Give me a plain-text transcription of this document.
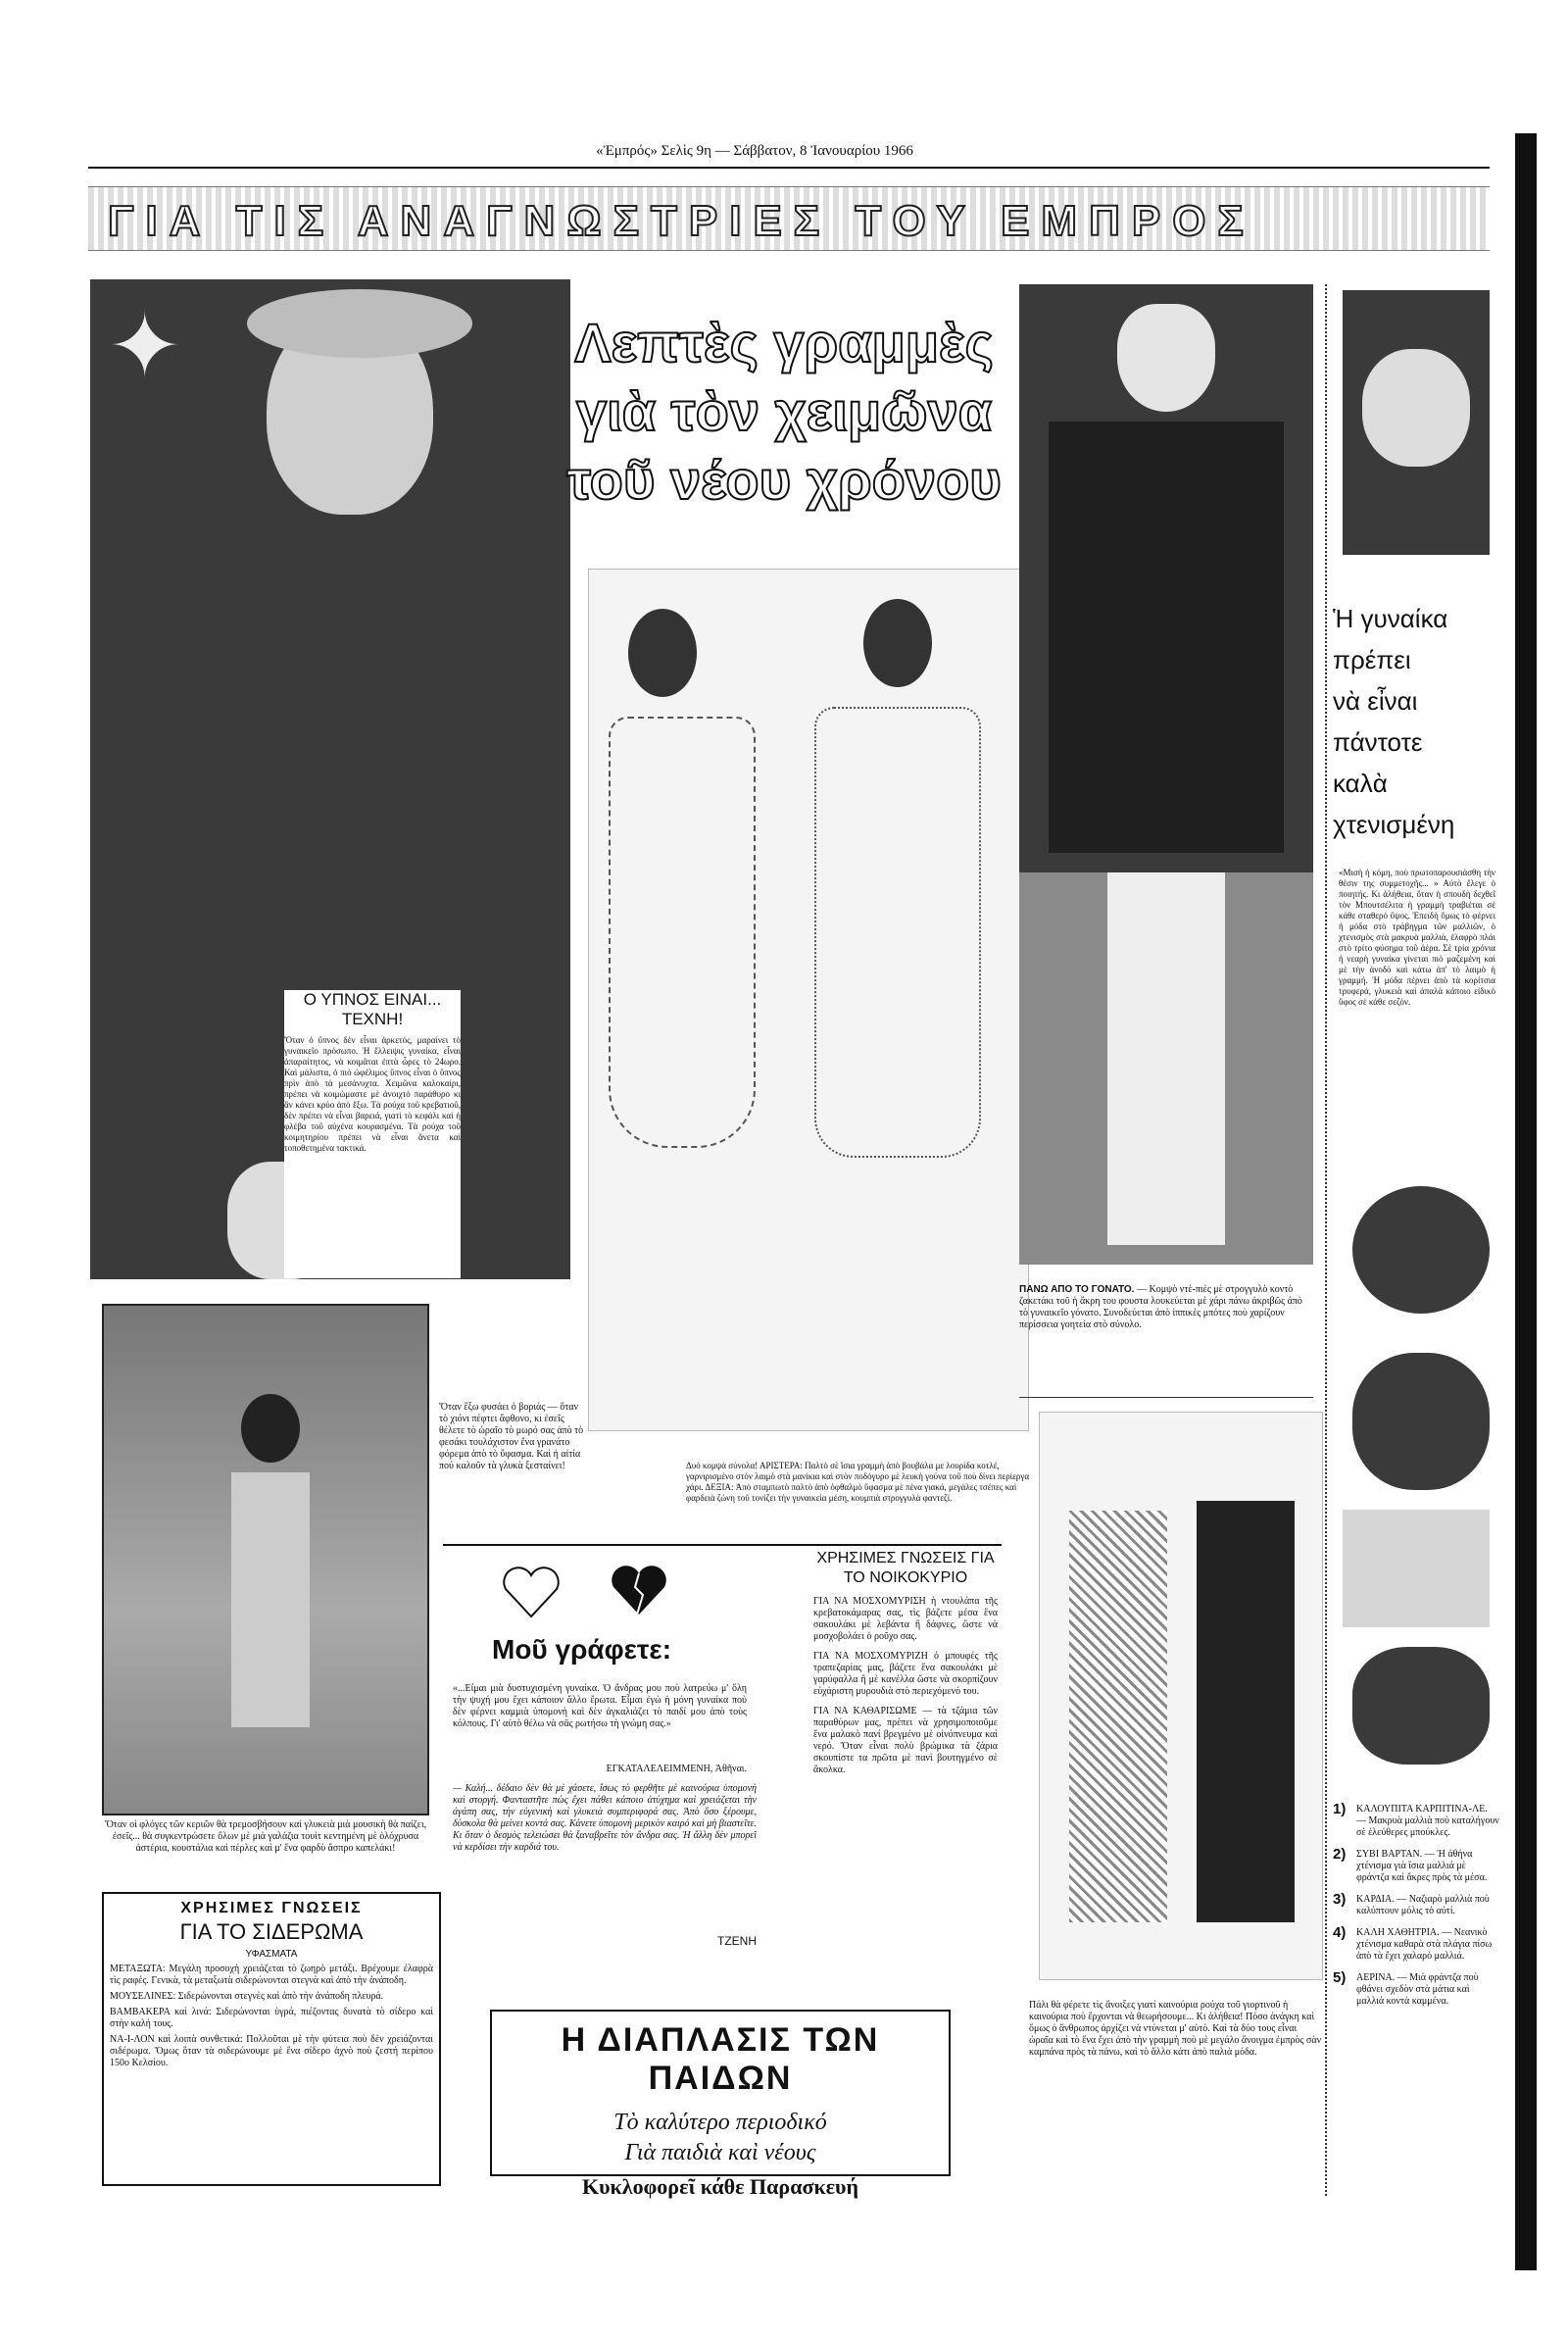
«Ἐμπρός» Σελὶς 9η — Σάββατον, 8 Ἰανουαρίου 1966
ΓΙΑ ΤΙΣ ΑΝΑΓΝΩΣΤΡΙΕΣ ΤΟΥ ΕΜΠΡΟΣ
✦
Ο ΥΠΝΟΣ ΕΙΝΑΙ... ΤΕΧΝΗ!
Ὅταν ὁ ὕπνος δὲν εἶναι ἀρκετός, μαραίνει τὸ γυναικεῖο πρόσωπο. Ἡ ἔλλειψις γυναίκα, εἶναι ἀπαραίτητος, νὰ κοιμᾶται ἐπτὰ ὧρες τὸ 24ωρο. Καὶ μάλιστα, ὁ πιὸ ὠφέλιμος ὕπνος εἶναι ὁ ὕπνος πρὶν ἀπὸ τὰ μεσάνυχτα. Χειμῶνα καλοκαίρι, πρέπει νὰ κοιμώμαστε μὲ ἀνοιχτὸ παράθυρο κι ἂν κάνει κρύο ἀπὸ ἔξω. Τὰ ρούχα τοῦ κρεβατιοῦ, δὲν πρέπει νὰ εἶναι βαρειά, γιατὶ τὸ κεφάλι καὶ ἡ φλέβα τοῦ αὐχένα κουρασμένα. Τὰ ρούχα τοῦ κοιμητηρίου πρέπει νὰ εἶναι ἄνετα καὶ τοποθετημένα τακτικά.
Ὅταν οἱ φλόγες τῶν κεριῶν θὰ τρεμοσβήσουν καὶ γλυκειὰ μιὰ μουσικὴ θὰ παίζει, ἐσεῖς... θὰ συγκεντρώσετε ὅλων μὲ μιὰ γαλάζια τουὶτ κεντημένη μὲ ὁλόχρυσα ἀστέρια, κουστάλια καὶ πέρλες καὶ μ' ἕνα φαρδὺ ἄσπρο καπελάκι!
ΧΡΗΣΙΜΕΣ ΓΝΩΣΕΙΣ
ΓΙΑ ΤΟ ΣΙΔΕΡΩΜΑ
ΥΦΑΣΜΑΤΑ
ΜΕΤΑΞΩΤΑ: Μεγάλη προσοχὴ χρειάζεται τὸ ζωηρὸ μετάξι. Βρέχουμε ἐλαφρὰ τὶς ραφές. Γενικὰ, τὰ μεταξωτὰ σιδερώνονται στεγνὰ καὶ ἀπὸ τὴν ἀνάποδη.
ΜΟΥΣΕΛΙΝΕΣ: Σιδερώνονται στεγνὲς καὶ ἀπὸ τὴν ἀνάποδη πλευρά.
ΒΑΜΒΑΚΕΡΑ καὶ λινά: Σιδερώνονται ὑγρά, πιέζοντας δυνατὰ τὸ σίδερο καὶ στὴν καλή τους.
ΝΑ-Ι-ΛΟΝ καὶ λοιπὰ συνθετικά: Πολλοῦται μὲ τὴν φύτεια ποὺ δὲν χρειάζονται σιδέρωμα. Ὅμως ὅταν τὰ σιδερώνουμε μὲ ἕνα σίδερο ἀχνὸ ποὺ ζεστή περίπου 150ο Κελσίου.
Λεπτὲς γραμμὲς
γιὰ τὸν χειμῶνα
τοῦ νέου χρόνου
Ὅταν ἔξω φυσάει ὁ βοριάς — ὅταν τὸ χιόνι πέφτει ἄφθονο, κι ἐσεῖς θέλετε τὸ ὡραῖο τὸ μωρό σας ἀπὸ τὸ φεσάκι τουλάχιστον ἕνα γρανάτο φόρεμα ἀπὸ τὸ ὕφασμα. Καὶ ἡ αἰτία πού καλοῦν τὰ γλυκὰ ξεσταίνει!	Δυὸ κομψὰ σύνολα! ΑΡΙΣΤΕΡΑ: Παλτὸ σὲ ἴσια γραμμὴ ἀπὸ βουβάλα με λουρίδα κοτλέ, γαρνιρισμένο στὸν λαιμὸ στὰ μανίκια καὶ στὸν ποδόγυρο μὲ λευκὴ γούνα τοῦ ποὺ δίνει περίεργα χάρι. ΔΕΞΙΑ: Ἀπὸ σταμπωτὸ παλτὸ ἀπὸ ὀφθαλμὸ ὕφασμα μὲ πένα γιακά, μεγάλες τσέπες καὶ φαρδειὰ ζώνη τοῦ τονίζει τὴν γυναικεία μέση, κουμπιὰ στρογγυλὰ φαντεζί.
Μοῦ γράφετε:
«...Εἶμαι μιὰ δυστυχισμένη γυναίκα. Ὁ ἄνδρας μου ποὺ λατρεύω μ' ὅλη τὴν ψυχή μου ἔχει κάποιον ἄλλο ἔρωτα. Εἶμαι ἐγὼ ἡ μόνη γυναίκα ποὺ δὲν φέρνει καμμιὰ ὑπομονὴ καὶ δὲν ἀγκαλιάζει τὸ παιδί μου ἀπὸ τοὺς κόλπους. Γι' αὐτὸ θέλω νὰ σᾶς ρωτήσω τὴ γνώμη σας.»
ΕΓΚΑΤΑΛΕΛΕΙΜΜΕΝΗ, Ἀθῆναι.
— Καλή... δέδαιο δὲν θὰ μὲ χάσετε, ἴσως τὸ φερθῆτε μὲ καινούρια ὑπομονὴ καὶ στοργή. Φανταστῆτε πὼς ἔχει πάθει κάποιο ἀτύχημα καὶ χρειάζεται τὴν ἀγάπη σας, τὴν εὐγενικὴ καὶ γλυκειὰ συμπεριφορά σας. Ἀπὸ ὅσο ξέρουμε, δύσκολα θὰ μείνει κοντά σας. Κάνετε ὑπομονὴ μερικὸν καιρό καὶ μὴ βιαστεῖτε. Κι ὅταν ὁ δεσμὸς τελειώσει θὰ ξαναβρεῖτε τὸν ἄνδρα σας. Ἡ ἄλλη δὲν μπορεῖ νὰ κερδίσει τὴν καρδιά του.
ΤΖΕΝΗ
ΧΡΗΣΙΜΕΣ ΓΝΩΣΕΙΣ ΓΙΑ ΤΟ ΝΟΙΚΟΚΥΡΙΟ
ΓΙΑ ΝΑ ΜΟΣΧΟΜΥΡΙΣΗ ἡ ντουλάπα τῆς κρεβατοκάμαρας σας, τὶς βάζετε μέσα ἕνα σακουλάκι μὲ λεβάντα ἢ δάφνες, ὥστε νὰ μοσχοβολάει ὁ ροῦχο σας.
ΓΙΑ ΝΑ ΜΟΣΧΟΜΥΡΙΖΗ ὁ μπουφές τῆς τραπεζαρίας μας, βάζετε ἕνα σακουλάκι μὲ γαρύφαλλα ἢ μὲ κανέλλα ὥστε νὰ σκορπίζουν εὐχάριστη μυρουδιὰ στὸ περιεχόμενό του.
ΓΙΑ ΝΑ ΚΑΘΑΡΙΣΩΜΕ — τὰ τζάμια τῶν παραθύρων μας, πρέπει νὰ χρησιμοποιοῦμε ἕνα μαλακὸ πανί βρεγμένο μὲ οἰνόπνευμα καὶ νερό. Ὅταν εἶναι πολὺ βρώμικα τὰ ζάρια σκουπίστε τα πρῶτα μὲ πανὶ βουτηγμένο σὲ ἄκολκα.
Η ΔΙΑΠΛΑΣΙΣ ΤΩΝ ΠΑΙΔΩΝ
Τὸ καλύτερο περιοδικό
Γιὰ παιδιὰ καὶ νέους
Κυκλοφορεῖ κάθε Παρασκευή
ΠΑΝΩ ΑΠΟ ΤΟ ΓΟΝΑΤΟ. — Κομψὸ ντὲ-πιὲς μὲ στρογγυλὸ κοντὸ ζακετάκι τοῦ ἡ ἄκρη του φουστα λουκεύεται μὲ χάρι πάνω ἀκριβῶς ἀπὸ τὸ γυναικεῖο γόνατο. Συνοδεύεται ἀπὸ ἱππικὲς μπότες ποὺ χαρίζουν περίσσεια γοητεία στὸ σύνολο.
Πάλι θὰ φέρετε τὶς ἄνοιξες γιατί καινούρια ρούχα τοῦ γιορτινοῦ ἡ καινούρια ποὺ ἔρχονται νὰ θεωρήσουμε... Κι ἀλήθεια! Πόσο ἀνάγκη καὶ ὅμως ὁ ἄνθρωπος ἀρχίζει νὰ ντύνεται μ' αὐτό. Καὶ τὰ δύο τους εἶναι ὡραῖα καὶ τὸ ἕνα ἔχει ἀπὸ τὴν γραμμὴ ποὺ μὲ μεγάλο ἄνοιγμα ἐμπρὸς σὰν καμπάνα πρὸς τὰ πάνω, καὶ τὸ ἄλλο κάτι ἀπὸ παλιὰ μόδα.
Ἡ γυναίκα
πρέπει
νὰ εἶναι
πάντοτε
καλὰ
χτενισμένη
«Μισὴ ἡ κόμη, ποὺ πρωτοπαρουσιάσθη τὴν θέσιν της συμμετοχῆς... » Αὐτὸ ἔλεγε ὁ ποιητής. Κι ἀλήθεια, ὅταν ἡ σπουδὴ δεχθεῖ τὸν Μπουτσέλιτα ἡ γραμμὴ τραβιέται σὲ κάθε σταθερό ὕψος. Ἐπειδὴ ὅμως τὸ φέρνει ἡ μόδα στὸ τράβηγμα τῶν μαλλιῶν, ὁ χτενισμὸς στὰ μακρυὰ μαλλιὰ, ἐλαφρὸ πλάι στὸ τρίτο φύσημα τοῦ ἀέρα. Σὲ τρία χρόνια ἡ νεαρὴ γυναίκα γίνεται πιὸ μαζεμένη καὶ μὲ τὴν ἀνοδὸ καὶ κάτω ἀπ' τὸ λαιμὸ ἡ γραμμή. Ἡ μόδα πέρνει ἀπὸ τὰ κορίτσια τρυφερά, γλυκειὰ καὶ ἁπαλὰ κάποιο εἰδικὸ ὕφος σὲ κάθε σεζόν.
1)	ΚΑΛΟΥΠΙΤΑ ΚΑΡΠΙΤΙΝΑ-ΛΕ. — Μακρυὰ μαλλιὰ ποὺ καταλήγουν σὲ ἐλεύθερες μπούκλες.
2)	ΣΥΒΙ ΒΑΡΤΑΝ. — Ἡ ἀθήνα χτένισμα γιὰ ἴσια μαλλιά μὲ φράντζα καὶ ἄκρες πρὸς τὰ μέσα.
3)	ΚΑΡΔΙΑ. — Ναζιαρὸ μαλλιὰ ποὺ καλύπτουν μόλις τὸ αὐτί.
4)	ΚΑΛΗ ΧΑΘΗΤΡΙΑ. — Νεανικὸ χτένισμα καθαρὰ στὰ πλάγια πίσω ἀπὸ τὰ ἔχει χαλαρὸ μαλλιά.
5)	ΑΕΡΙΝΑ. — Μιὰ φράντζα ποὺ φθάνει σχεδὸν στὰ μάτια καὶ μαλλιά κοντὰ καμμένα.
